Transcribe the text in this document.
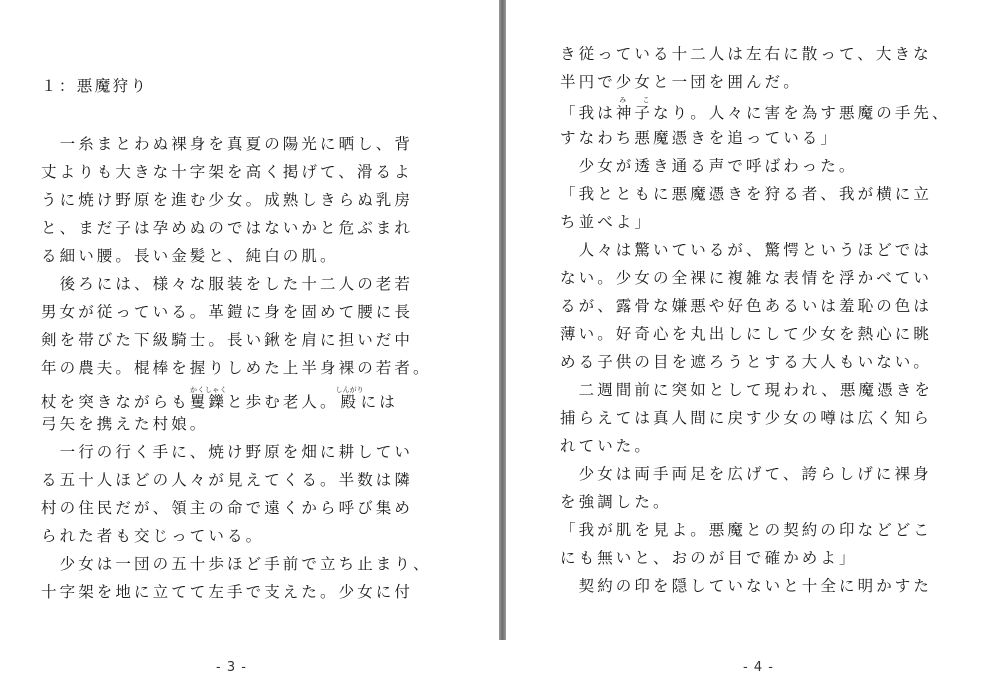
１：悪魔狩り
　一糸まとわぬ裸身を真夏の陽光に晒し、背
丈よりも大きな十字架を高く掲げて、滑るよ
うに焼け野原を進む少女。成熟しきらぬ乳房
と、まだ子は孕めぬのではないかと危ぶまれ
る細い腰。長い金髪と、純白の肌。
　後ろには、様々な服装をした十二人の老若
男女が従っている。革鎧に身を固めて腰に長
剣を帯びた下級騎士。長い鍬を肩に担いだ中
年の農夫。棍棒を握りしめた上半身裸の若者。
杖を突きながらも矍鑠かくしゃくと歩む老人。殿しんがりには
弓矢を携えた村娘。
　一行の行く手に、焼け野原を畑に耕してい
る五十人ほどの人々が見えてくる。半数は隣
村の住民だが、領主の命で遠くから呼び集め
られた者も交じっている。
　少女は一団の五十歩ほど手前で立ち止まり、
十字架を地に立てて左手で支えた。少女に付
- 3 -
き従っている十二人は左右に散って、大きな
半円で少女と一団を囲んだ。
「我は神子み こなり。人々に害を為す悪魔の手先、
すなわち悪魔憑きを追っている」
　少女が透き通る声で呼ばわった。
「我とともに悪魔憑きを狩る者、我が横に立
ち並べよ」
　人々は驚いているが、驚愕というほどでは
ない。少女の全裸に複雑な表情を浮かべてい
るが、露骨な嫌悪や好色あるいは羞恥の色は
薄い。好奇心を丸出しにして少女を熱心に眺
める子供の目を遮ろうとする大人もいない。
　二週間前に突如として現われ、悪魔憑きを
捕らえては真人間に戻す少女の噂は広く知ら
れていた。
　少女は両手両足を広げて、誇らしげに裸身
を強調した。
「我が肌を見よ。悪魔との契約の印などどこ
にも無いと、おのが目で確かめよ」
　契約の印を隠していないと十全に明かすた
- 4 -
